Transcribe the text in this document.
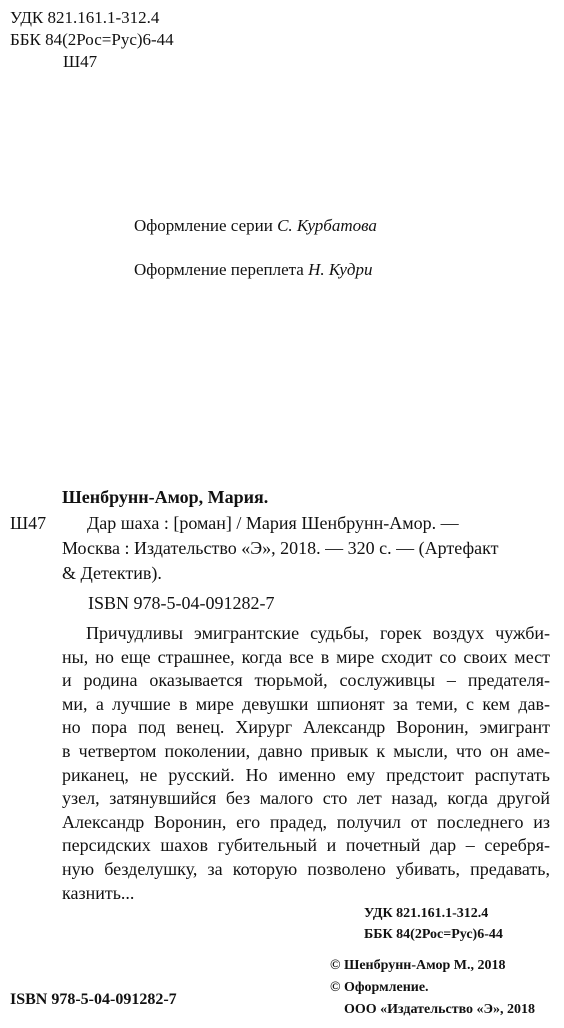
УДК 821.161.1-312.4
ББК 84(2Рос=Рус)6-44
Ш47
Оформление серии С. Курбатова
Оформление переплета Н. Кудри
Шенбрунн-Амор, Мария.
Ш47 Дар шаха : [роман] / Мария Шенбрунн-Амор. —
Москва : Издательство «Э», 2018. — 320 с. — (Артефакт
& Детектив).
ISBN 978-5-04-091282-7
Причудливы эмигрантские судьбы, горек воздух чужби-
ны, но еще страшнее, когда все в мире сходит со своих мест
и родина оказывается тюрьмой, сослуживцы – предателя-
ми, а лучшие в мире девушки шпионят за теми, с кем дав-
но пора под венец. Хирург Александр Воронин, эмигрант
в четвертом поколении, давно привык к мысли, что он аме-
риканец, не русский. Но именно ему предстоит распутать
узел, затянувшийся без малого сто лет назад, когда другой
Александр Воронин, его прадед, получил от последнего из
персидских шахов губительный и почетный дар – серебря-
ную безделушку, за которую позволено убивать, предавать,
казнить...
УДК 821.161.1-312.4
ББК 84(2Рос=Рус)6-44
© Шенбрунн-Амор М., 2018
© Оформление.
ISBN 978-5-04-091282-7
ООО «Издательство «Э», 2018
